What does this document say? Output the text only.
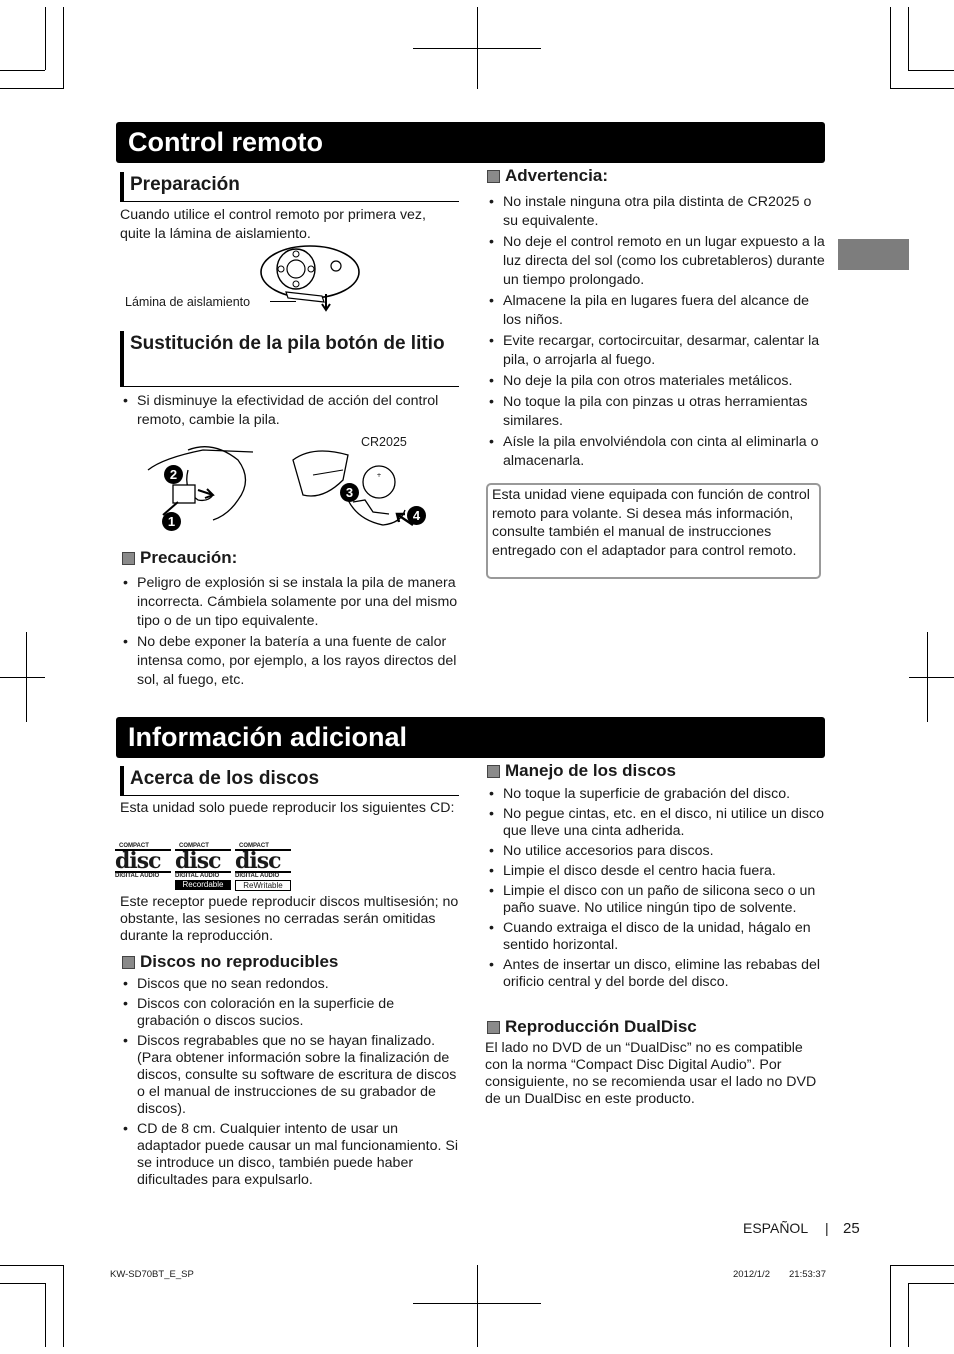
Control remoto
Preparación
Cuando utilice el control remoto por primera vez, quite la lámina de aislamiento.
Lámina de aislamiento
Sustitución de la pila botón de litio
• Si disminuye la efectividad de acción del control remoto, cambie la pila.
+
CR2025
1
2
3
4
Precaución:
• Peligro de explosión si se instala la pila de manera incorrecta. Cámbiela solamente por una del mismo tipo o de un tipo equivalente.
• No debe exponer la batería a una fuente de calor intensa como, por ejemplo, a los rayos directos del sol, al fuego, etc.
Advertencia:
• No instale ninguna otra pila distinta de CR2025 o su equivalente.
• No deje el control remoto en un lugar expuesto a la luz directa del sol (como los cubretableros) durante un tiempo prolongado.
• Almacene la pila en lugares fuera del alcance de los niños.
• Evite recargar, cortocircuitar, desarmar, calentar la pila, o arrojarla al fuego.
• No deje la pila con otros materiales metálicos.
• No toque la pila con pinzas u otras herramientas similares.
• Aísle la pila envolviéndola con cinta al eliminarla o almacenarla.
Esta unidad viene equipada con función de control remoto para volante. Si desea más información, consulte también el manual de instrucciones entregado con el adaptador para control remoto.
Información adicional
Acerca de los discos
Esta unidad solo puede reproducir los siguientes CD:
COMPACT
disc
DIGITAL AUDIO
COMPACT
disc
DIGITAL AUDIO
Recordable
COMPACT
disc
DIGITAL AUDIO
ReWritable
Este receptor puede reproducir discos multisesión; no obstante, las sesiones no cerradas serán omitidas durante la reproducción.
Discos no reproducibles
• Discos que no sean redondos.
• Discos con coloración en la superficie de grabación o discos sucios.
• Discos regrabables que no se hayan finalizado. (Para obtener información sobre la finalización de discos, consulte su software de escritura de discos o el manual de instrucciones de su grabador de discos).
• CD de 8 cm. Cualquier intento de usar un adaptador puede causar un mal funcionamiento. Si se introduce un disco, también puede haber dificultades para expulsarlo.
Manejo de los discos
• No toque la superficie de grabación del disco.
• No pegue cintas, etc. en el disco, ni utilice un disco que lleve una cinta adherida.
• No utilice accesorios para discos.
• Limpie el disco desde el centro hacia fuera.
• Limpie el disco con un paño de silicona seco o un paño suave. No utilice ningún tipo de solvente.
• Cuando extraiga el disco de la unidad, hágalo en sentido horizontal.
• Antes de insertar un disco, elimine las rebabas del orificio central y del borde del disco.
Reproducción DualDisc
El lado no DVD de un “DualDisc” no es compatible con la norma “Compact Disc Digital Audio”. Por consiguiente, no se recomienda usar el lado no DVD de un DualDisc en este producto.
ESPAÑOL | 25
KW-SD70BT_E_SP	2012/1/2 21:53:37
